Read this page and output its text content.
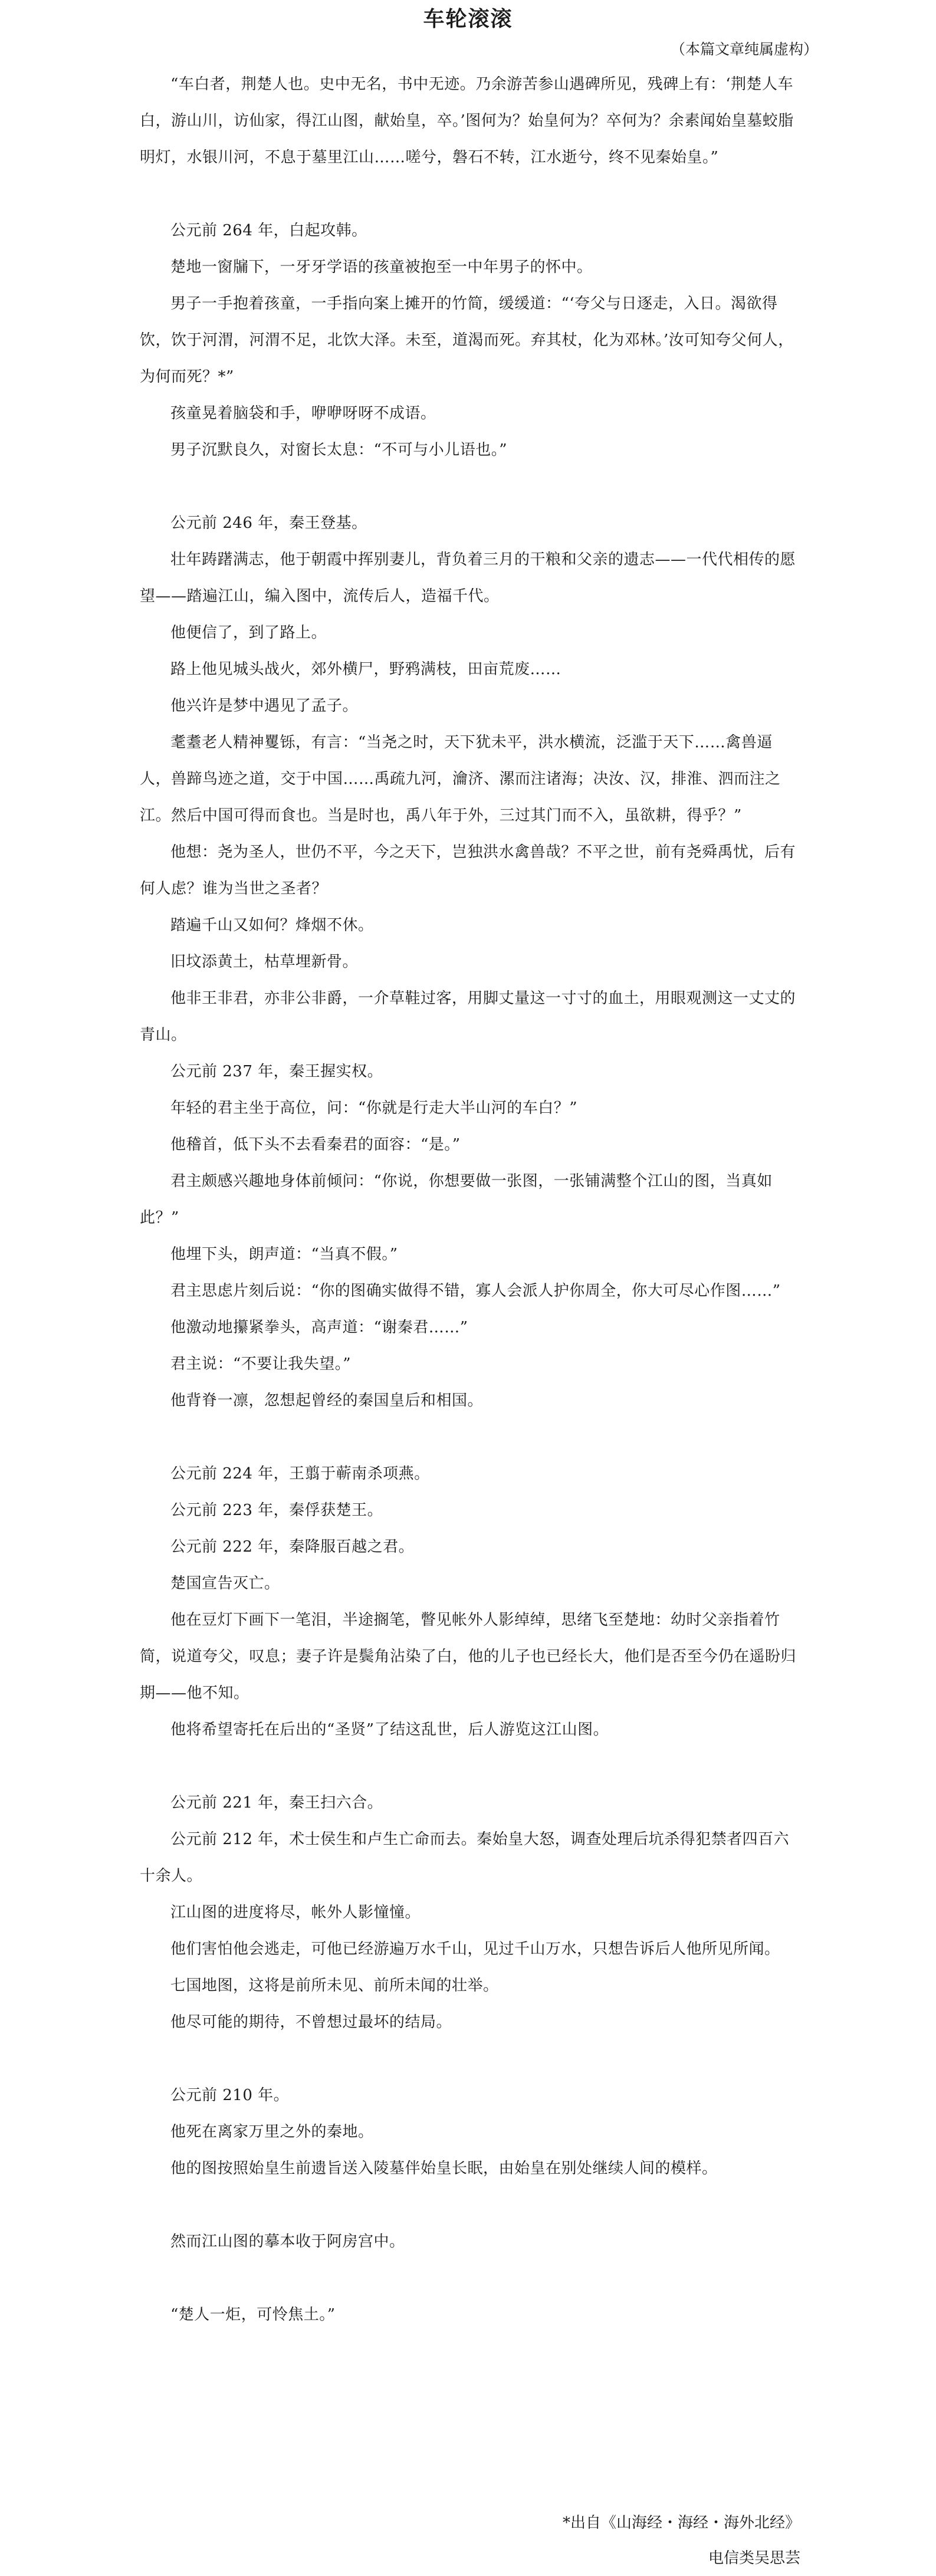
车轮滚滚
（本篇文章纯属虚构）

“车白者，荆楚人也。史中无名，书中无迹。乃余游苦参山遇碑所见，残碑上有：‘荆楚人车白，游山川，访仙家，得江山图，献始皇，卒。’图何为？始皇何为？卒何为？余素闻始皇墓蛟脂明灯，水银川河，不息于墓里江山……嗟兮，磐石不转，江水逝兮，终不见秦始皇。”

公元前 264 年，白起攻韩。

楚地一窗牖下，一牙牙学语的孩童被抱至一中年男子的怀中。

男子一手抱着孩童，一手指向案上摊开的竹简，缓缓道：“‘夸父与日逐走，入日。渴欲得饮，饮于河渭，河渭不足，北饮大泽。未至，道渴而死。弃其杖，化为邓林。’汝可知夸父何人，为何而死？*”

孩童晃着脑袋和手，咿咿呀呀不成语。

男子沉默良久，对窗长太息：“不可与小儿语也。”

公元前 246 年，秦王登基。

壮年踌躇满志，他于朝霞中挥别妻儿，背负着三月的干粮和父亲的遗志——一代代相传的愿望——踏遍江山，编入图中，流传后人，造福千代。

他便信了，到了路上。

路上他见城头战火，郊外横尸，野鸦满枝，田亩荒废……

他兴许是梦中遇见了孟子。

耄耋老人精神矍铄，有言：“当尧之时，天下犹未平，洪水横流，泛滥于天下……禽兽逼人，兽蹄鸟迹之道，交于中国……禹疏九河，瀹济、漯而注诸海；决汝、汉，排淮、泗而注之江。然后中国可得而食也。当是时也，禹八年于外，三过其门而不入，虽欲耕，得乎？”

他想：尧为圣人，世仍不平，今之天下，岂独洪水禽兽哉？不平之世，前有尧舜禹忧，后有何人虑？谁为当世之圣者？

踏遍千山又如何？烽烟不休。

旧坟添黄土，枯草埋新骨。

他非王非君，亦非公非爵，一介草鞋过客，用脚丈量这一寸寸的血土，用眼观测这一丈丈的青山。

公元前 237 年，秦王握实权。

年轻的君主坐于高位，问：“你就是行走大半山河的车白？”

他稽首，低下头不去看秦君的面容：“是。”

君主颇感兴趣地身体前倾问：“你说，你想要做一张图，一张铺满整个江山的图，当真如此？”

他埋下头，朗声道：“当真不假。”

君主思虑片刻后说：“你的图确实做得不错，寡人会派人护你周全，你大可尽心作图……”

他激动地攥紧拳头，高声道：“谢秦君……”

君主说：“不要让我失望。”

他背脊一凛，忽想起曾经的秦国皇后和相国。

公元前 224 年，王翦于蕲南杀项燕。

公元前 223 年，秦俘获楚王。

公元前 222 年，秦降服百越之君。

楚国宣告灭亡。

他在豆灯下画下一笔泪，半途搁笔，瞥见帐外人影绰绰，思绪飞至楚地：幼时父亲指着竹简，说道夸父，叹息；妻子许是鬓角沾染了白，他的儿子也已经长大，他们是否至今仍在遥盼归期——他不知。

他将希望寄托在后出的“圣贤”了结这乱世，后人游览这江山图。

公元前 221 年，秦王扫六合。

公元前 212 年，术士侯生和卢生亡命而去。秦始皇大怒，调查处理后坑杀得犯禁者四百六十余人。

江山图的进度将尽，帐外人影憧憧。

他们害怕他会逃走，可他已经游遍万水千山，见过千山万水，只想告诉后人他所见所闻。

七国地图，这将是前所未见、前所未闻的壮举。

他尽可能的期待，不曾想过最坏的结局。

公元前 210 年。

他死在离家万里之外的秦地。

他的图按照始皇生前遗旨送入陵墓伴始皇长眠，由始皇在别处继续人间的模样。

然而江山图的摹本收于阿房宫中。

“楚人一炬，可怜焦土。”

*出自《山海经・海经・海外北经》
电信类吴思芸
